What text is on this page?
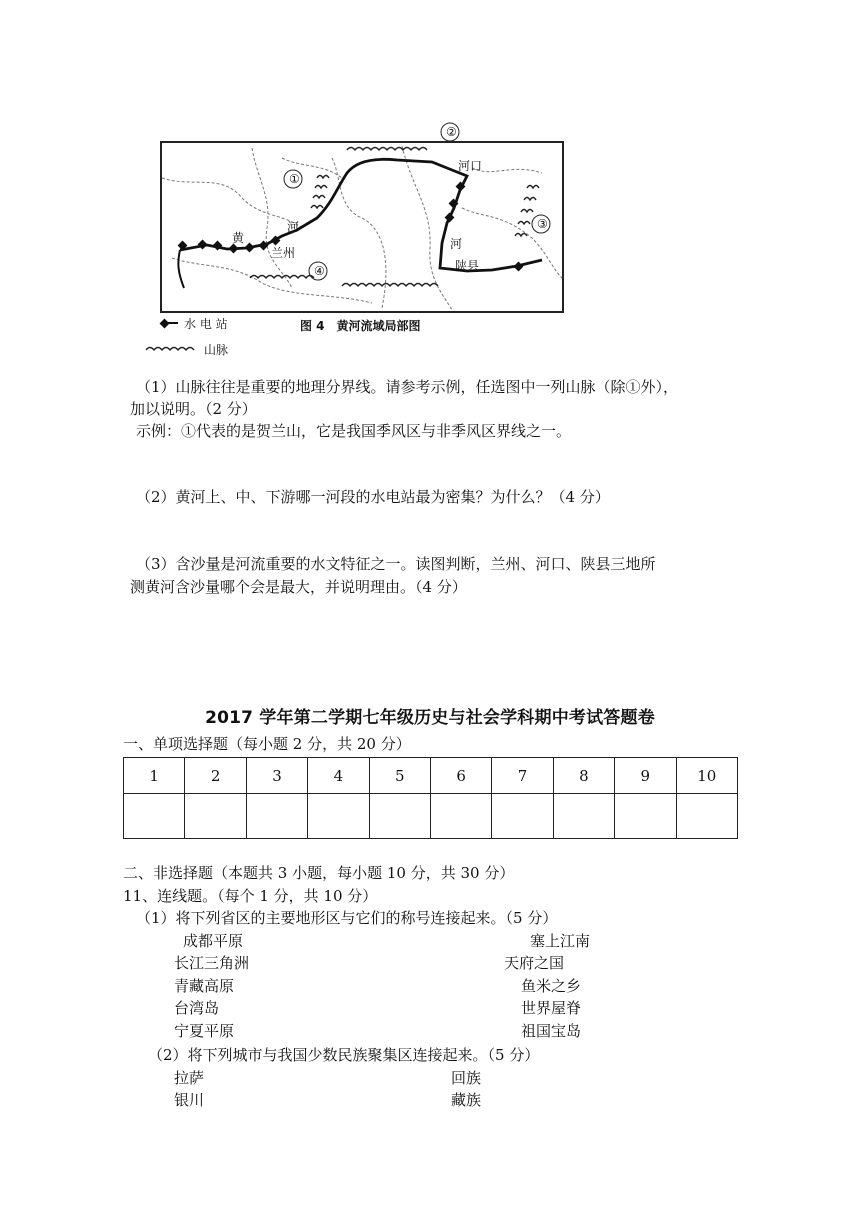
①
②
③
④
河口
兰州
陕县
河
河
黄
水 电 站	图 4　黄河流域局部图
山脉
（1）山脉往往是重要的地理分界线。请参考示例，任选图中一列山脉（除①外），
加以说明。（2 分）
示例：①代表的是贺兰山，它是我国季风区与非季风区界线之一。
（2）黄河上、中、下游哪一河段的水电站最为密集？为什么？（4 分）
（3）含沙量是河流重要的水文特征之一。读图判断，兰州、河口、陕县三地所
测黄河含沙量哪个会是最大，并说明理由。（4 分）
2017 学年第二学期七年级历史与社会学科期中考试答题卷
一、单项选择题（每小题 2 分，共 20 分）
1	2	3	4	5	6	7	8	9	10

二、非选择题（本题共 3 小题，每小题 10 分，共 30 分）
11、连线题。（每个 1 分，共 10 分）
（1）将下列省区的主要地形区与它们的称号连接起来。（5 分）
成都平原
长江三角洲
青藏高原
台湾岛
宁夏平原
塞上江南
天府之国
鱼米之乡
世界屋脊
祖国宝岛
（2）将下列城市与我国少数民族聚集区连接起来。（5 分）
拉萨
银川
回族
藏族
